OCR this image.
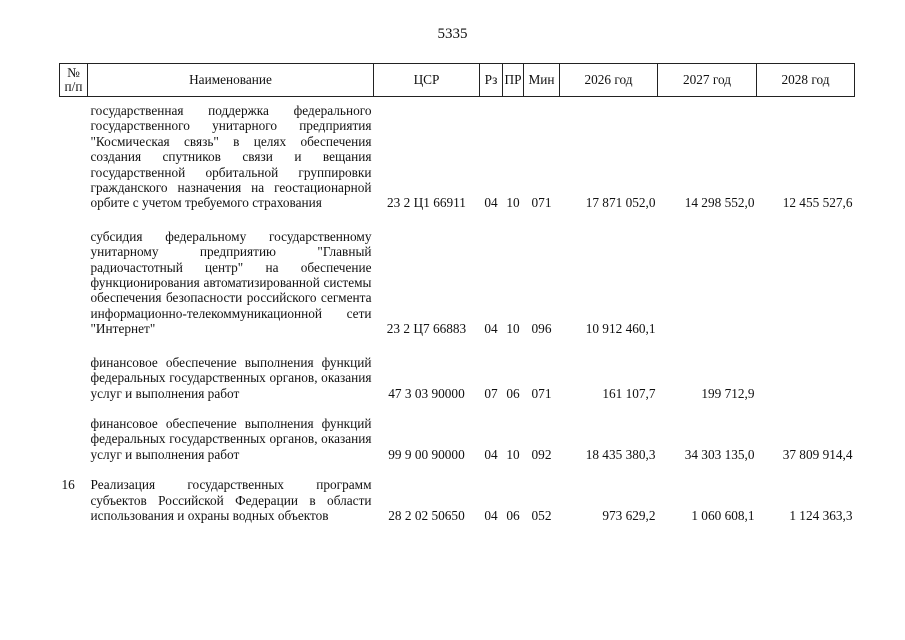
5335
№ п/п	Наименование	ЦСР	Рз	ПР	Мин	2026 год	2027 год	2028 год
	государственная поддержка федерального государственного унитарного предприятия "Космическая связь" в целях обеспечения создания спутников связи и вещания государственной орбитальной группировки гражданского назначения на геостационарной орбите с учетом требуемого страхования	23 2 Ц1 66911	04	10	071	17 871 052,0	14 298 552,0	12 455 527,6
	субсидия федеральному государственному унитарному предприятию "Главный радиочастотный центр" на обеспечение функционирования автоматизированной системы обеспечения безопасности российского сегмента информационно-телекоммуникационной сети "Интернет"	23 2 Ц7 66883	04	10	096	10 912 460,1		
	финансовое обеспечение выполнения функций федеральных государственных органов, оказания услуг и выполнения работ	47 3 03 90000	07	06	071	161 107,7	199 712,9	
	финансовое обеспечение выполнения функций федеральных государственных органов, оказания услуг и выполнения работ	99 9 00 90000	04	10	092	18 435 380,3	34 303 135,0	37 809 914,4
16	Реализация государственных программ субъектов Российской Федерации в области использования и охраны водных объектов	28 2 02 50650	04	06	052	973 629,2	1 060 608,1	1 124 363,3
